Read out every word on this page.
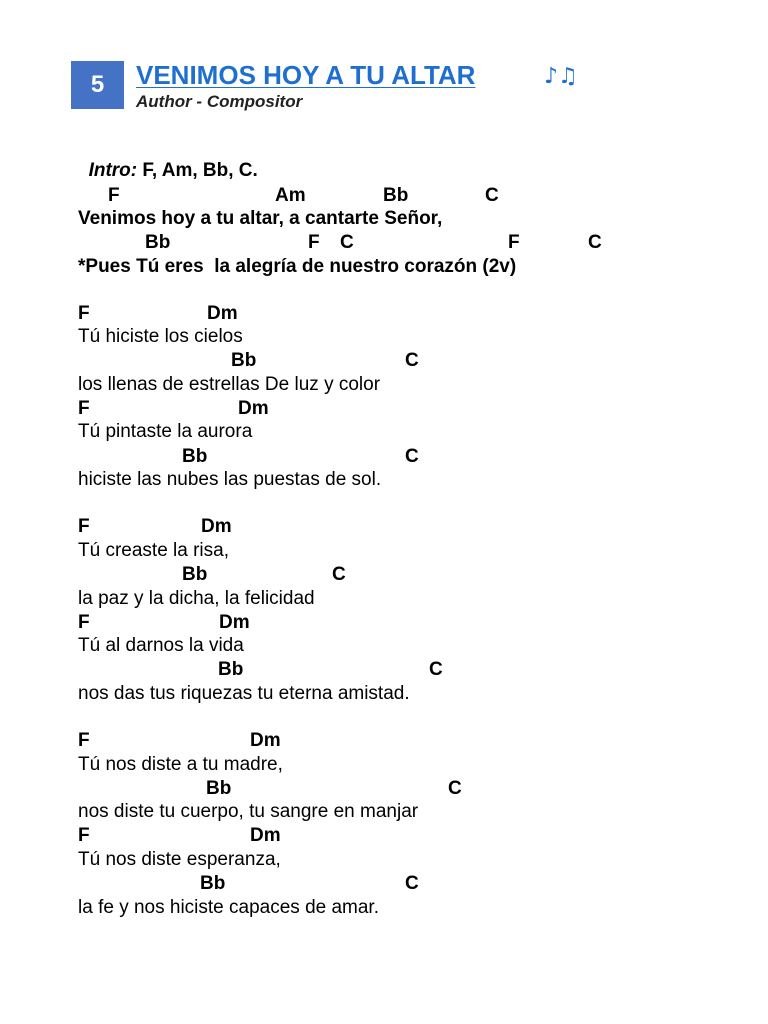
5 VENIMOS HOY A TU ALTAR	♪♫
Author - Compositor

Intro: F, Am, Bb, C.

F

	Am

	Bb

	C

Venimos hoy a tu altar, a cantarte Señor,

Bb

	F

C

	F

	C

*Pues Tú eres  la alegría de nuestro corazón (2v)

F

	Dm

Tú hiciste los cielos

Bb

	C

los llenas de estrellas De luz y color

F

	Dm

Tú pintaste la aurora

Bb

	C

hiciste las nubes las puestas de sol.

F

	Dm

Tú creaste la risa,

Bb

	C

la paz y la dicha, la felicidad

F

	Dm

Tú al darnos la vida

Bb

	C

nos das tus riquezas tu eterna amistad.

F

	Dm

Tú nos diste a tu madre,

Bb

	C

nos diste tu cuerpo, tu sangre en manjar

F

	Dm

Tú nos diste esperanza,

Bb

	C

la fe y nos hiciste capaces de amar.
